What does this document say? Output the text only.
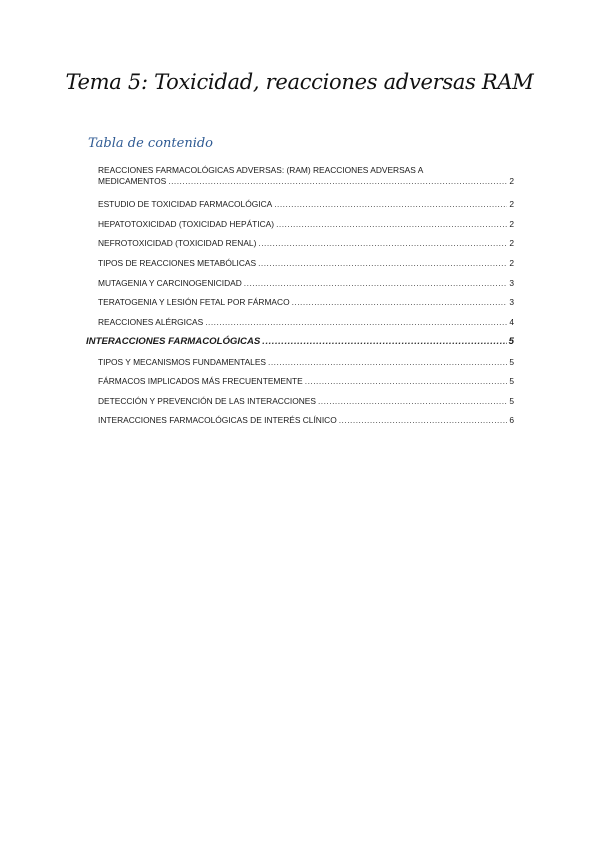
Tema 5: Toxicidad, reacciones adversas RAM
Tabla de contenido
REACCIONES FARMACOLÓGICAS ADVERSAS: (RAM) REACCIONES ADVERSAS A
MEDICAMENTOS .....	2
ESTUDIO DE TOXICIDAD FARMACOLÓGICA .....	2
HEPATOTOXICIDAD (TOXICIDAD HEPÁTICA) .....	2
NEFROTOXICIDAD (TOXICIDAD RENAL) .....	2
TIPOS DE REACCIONES METABÓLICAS .....	2
MUTAGENIA Y CARCINOGENICIDAD .....	3
TERATOGENIA Y LESIÓN FETAL POR FÁRMACO .....	3
REACCIONES ALÉRGICAS .....	4
INTERACCIONES FARMACOLÓGICAS .....	5
TIPOS Y MECANISMOS FUNDAMENTALES .....	5
FÁRMACOS IMPLICADOS MÁS FRECUENTEMENTE .....	5
DETECCIÓN Y PREVENCIÓN DE LAS INTERACCIONES .....	5
INTERACCIONES FARMACOLÓGICAS DE INTERÉS CLÍNICO .....	6
